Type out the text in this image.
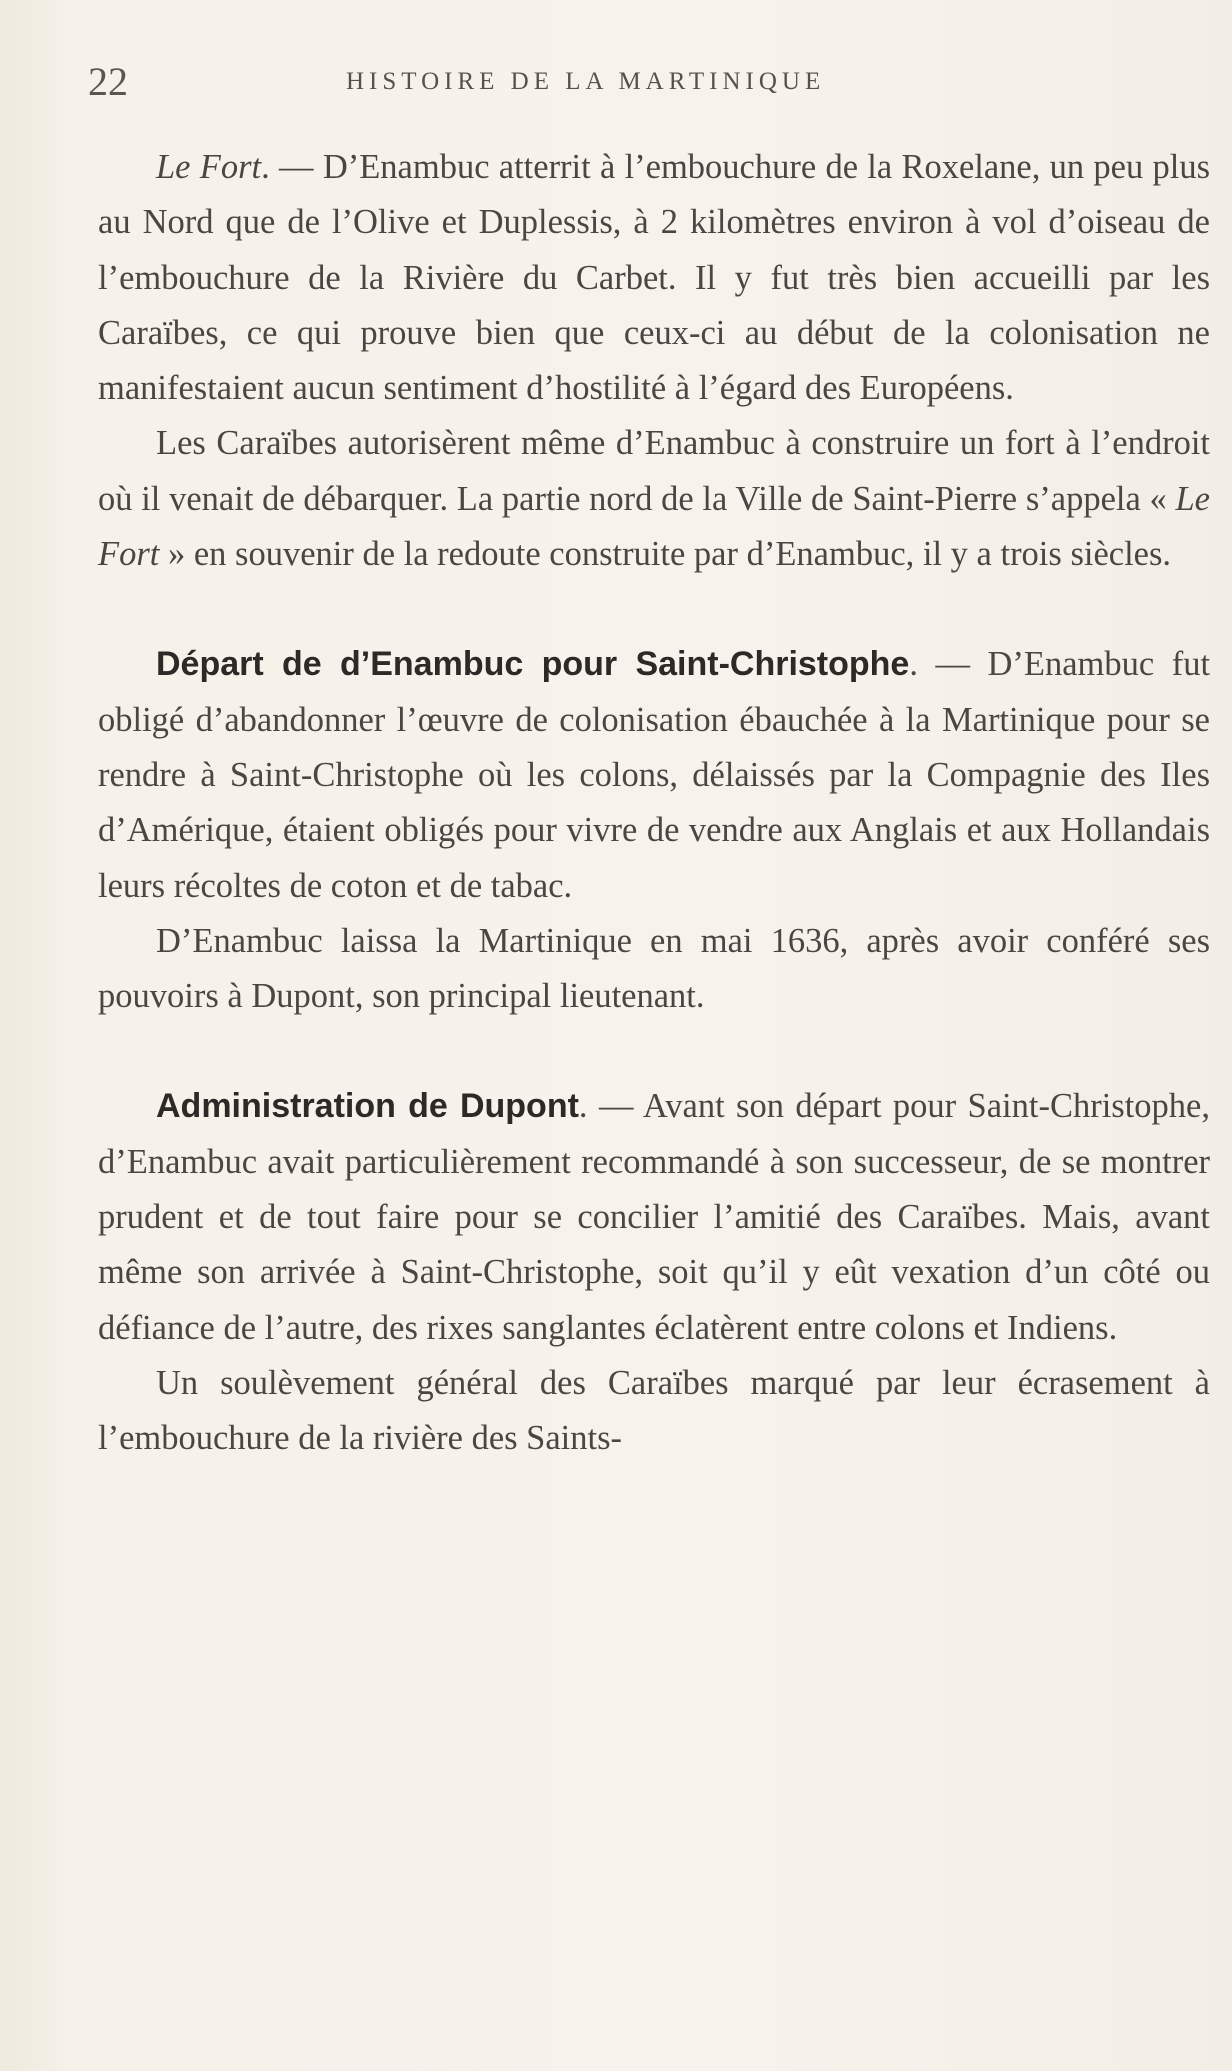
22	HISTOIRE DE LA MARTINIQUE

Le Fort. — D’Enambuc atterrit à l’embouchure de la Roxelane, un peu plus au Nord que de l’Olive et Duplessis, à 2 kilomètres environ à vol d’oiseau de l’embouchure de la Rivière du Carbet. Il y fut très bien accueilli par les Caraïbes, ce qui prouve bien que ceux-ci au début de la colonisation ne manifestaient aucun sentiment d’hostilité à l’égard des Européens.

Les Caraïbes autorisèrent même d’Enambuc à construire un fort à l’endroit où il venait de débarquer. La partie nord de la Ville de Saint-Pierre s’appela « Le Fort » en souvenir de la redoute construite par d’Enambuc, il y a trois siècles.

Départ de d’Enambuc pour Saint-Christophe. — D’Enambuc fut obligé d’abandonner l’œuvre de colonisation ébauchée à la Martinique pour se rendre à Saint-Christophe où les colons, délaissés par la Compagnie des Iles d’Amérique, étaient obligés pour vivre de vendre aux Anglais et aux Hollandais leurs récoltes de coton et de tabac.

D’Enambuc laissa la Martinique en mai 1636, après avoir conféré ses pouvoirs à Dupont, son principal lieutenant.

Administration de Dupont. — Avant son départ pour Saint-Christophe, d’Enambuc avait particulièrement recommandé à son successeur, de se montrer prudent et de tout faire pour se concilier l’amitié des Caraïbes. Mais, avant même son arrivée à Saint-Christophe, soit qu’il y eût vexation d’un côté ou défiance de l’autre, des rixes sanglantes éclatèrent entre colons et Indiens.

Un soulèvement général des Caraïbes marqué par leur écrasement à l’embouchure de la rivière des Saints-
